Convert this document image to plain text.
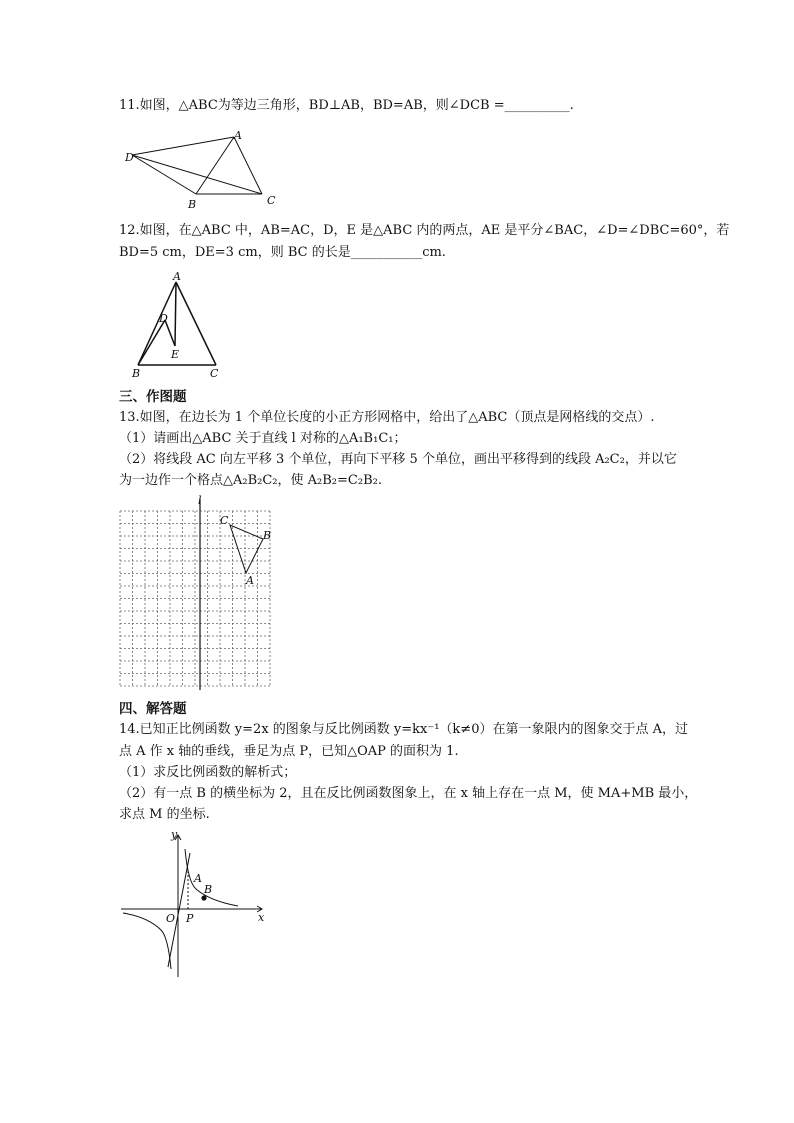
11.如图，△ABC为等边三角形，BD⊥AB，BD=AB，则∠DCB =__________.
A
D
B	C
12.如图，在△ABC 中，AB=AC，D，E 是△ABC 内的两点，AE 是平分∠BAC，∠D=∠DBC=60°，若
BD=5 cm，DE=3 cm，则 BC 的长是___________cm.
A
D
E
B	C
三、作图题
13.如图，在边长为 1 个单位长度的小正方形网格中，给出了△ABC（顶点是网格线的交点）.
（1）请画出△ABC 关于直线 l 对称的△A₁B₁C₁；
（2）将线段 AC 向左平移 3 个单位，再向下平移 5 个单位，画出平移得到的线段 A₂C₂，并以它
为一边作一个格点△A₂B₂C₂，使 A₂B₂=C₂B₂.
l
C
B
A
四、解答题
14.已知正比例函数 y=2x 的图象与反比例函数 y=kx⁻¹（k≠0）在第一象限内的图象交于点 A，过
点 A 作 x 轴的垂线，垂足为点 P，已知△OAP 的面积为 1.
（1）求反比例函数的解析式；
（2）有一点 B 的横坐标为 2，且在反比例函数图象上，在 x 轴上存在一点 M，使 MA+MB 最小，
求点 M 的坐标.
y
x
A
B
O P
